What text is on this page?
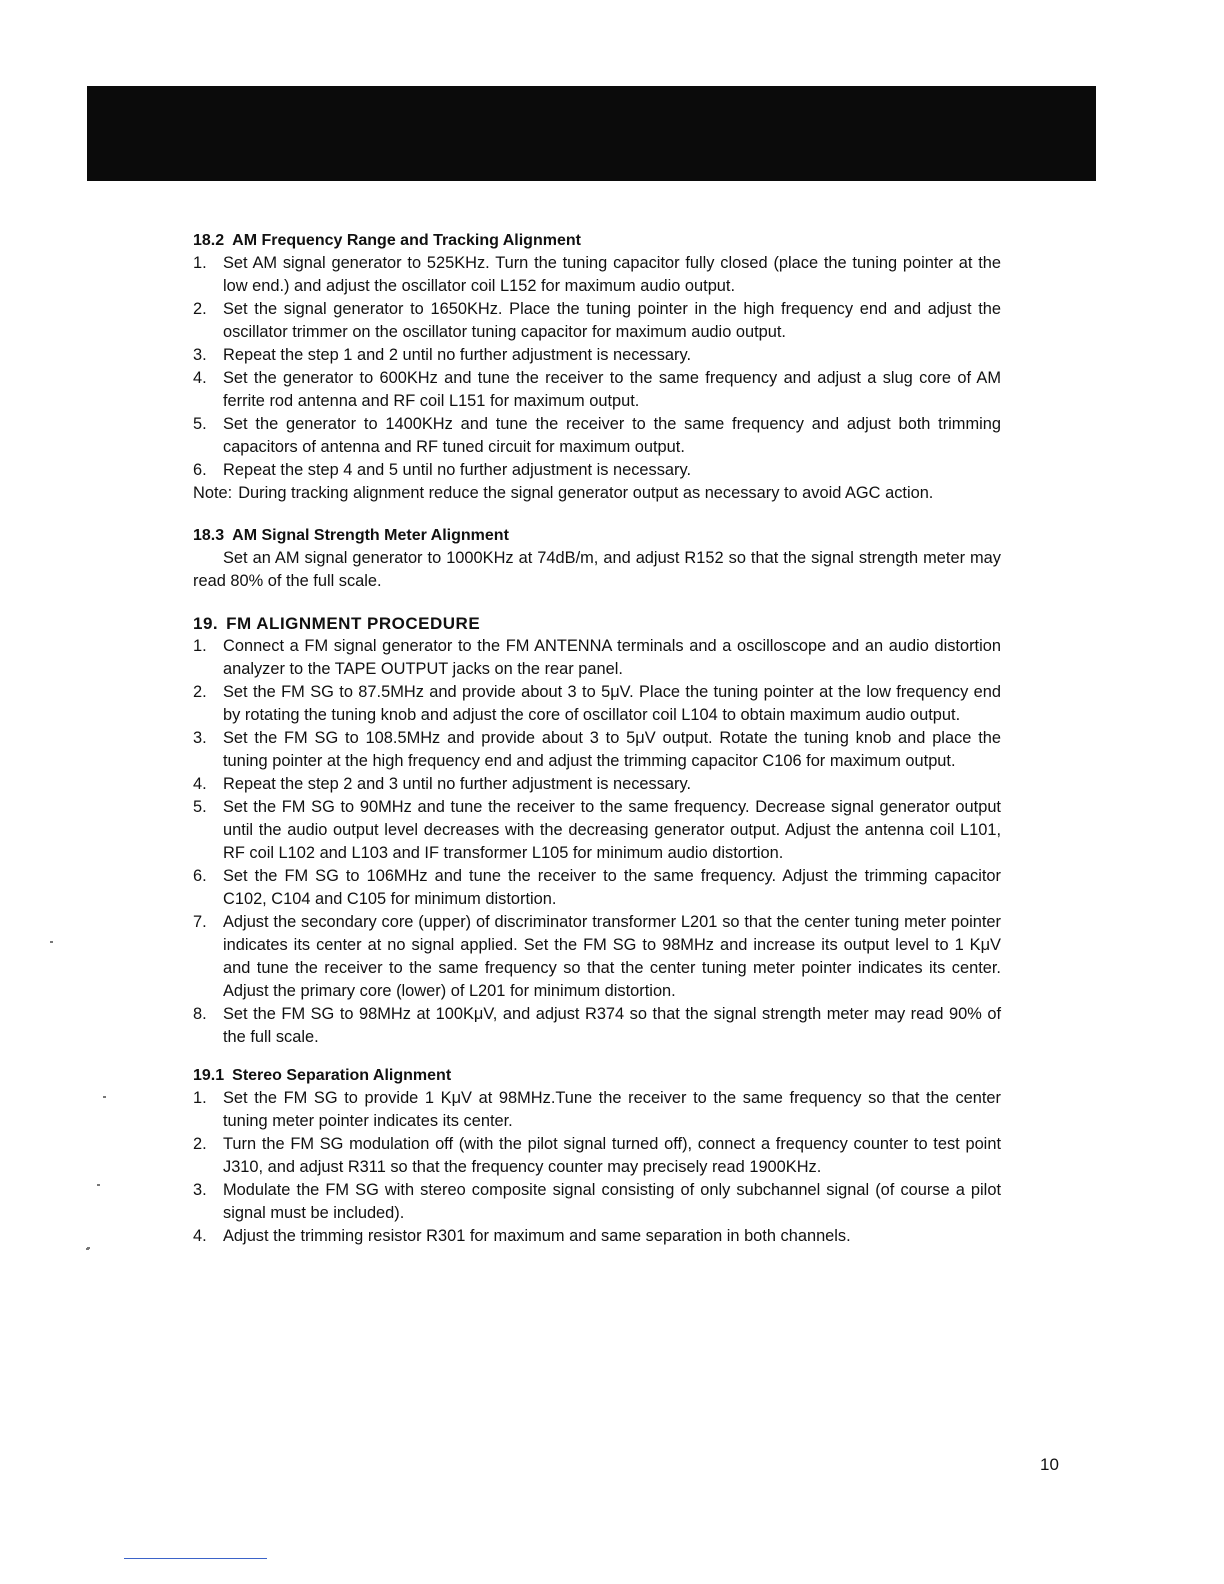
18.2 AM Frequency Range and Tracking Alignment
1. Set AM signal generator to 525KHz. Turn the tuning capacitor fully closed (place the tuning pointer at the low end.) and adjust the oscillator coil L152 for maximum audio output.
2. Set the signal generator to 1650KHz. Place the tuning pointer in the high frequency end and adjust the oscillator trimmer on the oscillator tuning capacitor for maximum audio output.
3. Repeat the step 1 and 2 until no further adjustment is necessary.
4. Set the generator to 600KHz and tune the receiver to the same frequency and adjust a slug core of AM ferrite rod antenna and RF coil L151 for maximum output.
5. Set the generator to 1400KHz and tune the receiver to the same frequency and adjust both trimming capacitors of antenna and RF tuned circuit for maximum output.
6. Repeat the step 4 and 5 until no further adjustment is necessary.
Note: During tracking alignment reduce the signal generator output as necessary to avoid AGC action.
18.3 AM Signal Strength Meter Alignment

Set an AM signal generator to 1000KHz at 74dB/m, and adjust R152 so that the signal strength meter may read 80% of the full scale.

19. FM ALIGNMENT PROCEDURE
1. Connect a FM signal generator to the FM ANTENNA terminals and a oscilloscope and an audio distortion analyzer to the TAPE OUTPUT jacks on the rear panel.
2. Set the FM SG to 87.5MHz and provide about 3 to 5μV. Place the tuning pointer at the low frequency end by rotating the tuning knob and adjust the core of oscillator coil L104 to obtain maximum audio output.
3. Set the FM SG to 108.5MHz and provide about 3 to 5μV output. Rotate the tuning knob and place the tuning pointer at the high frequency end and adjust the trimming capacitor C106 for maximum output.
4. Repeat the step 2 and 3 until no further adjustment is necessary.
5. Set the FM SG to 90MHz and tune the receiver to the same frequency. Decrease signal generator output until the audio output level decreases with the decreasing generator output. Adjust the antenna coil L101, RF coil L102 and L103 and IF transformer L105 for minimum audio distortion.
6. Set the FM SG to 106MHz and tune the receiver to the same frequency. Adjust the trimming capacitor C102, C104 and C105 for minimum distortion.
7. Adjust the secondary core (upper) of discriminator transformer L201 so that the center tuning meter pointer indicates its center at no signal applied. Set the FM SG to 98MHz and increase its output level to 1 KμV and tune the receiver to the same frequency so that the center tuning meter pointer indicates its center. Adjust the primary core (lower) of L201 for minimum distortion.
8. Set the FM SG to 98MHz at 100KμV, and adjust R374 so that the signal strength meter may read 90% of the full scale.
19.1 Stereo Separation Alignment
1. Set the FM SG to provide 1 KμV at 98MHz.Tune the receiver to the same frequency so that the center tuning meter pointer indicates its center.
2. Turn the FM SG modulation off (with the pilot signal turned off), connect a frequency counter to test point J310, and adjust R311 so that the frequency counter may precisely read 1900KHz.
3. Modulate the FM SG with stereo composite signal consisting of only subchannel signal (of course a pilot signal must be included).
4. Adjust the trimming resistor R301 for maximum and same separation in both channels.
10
